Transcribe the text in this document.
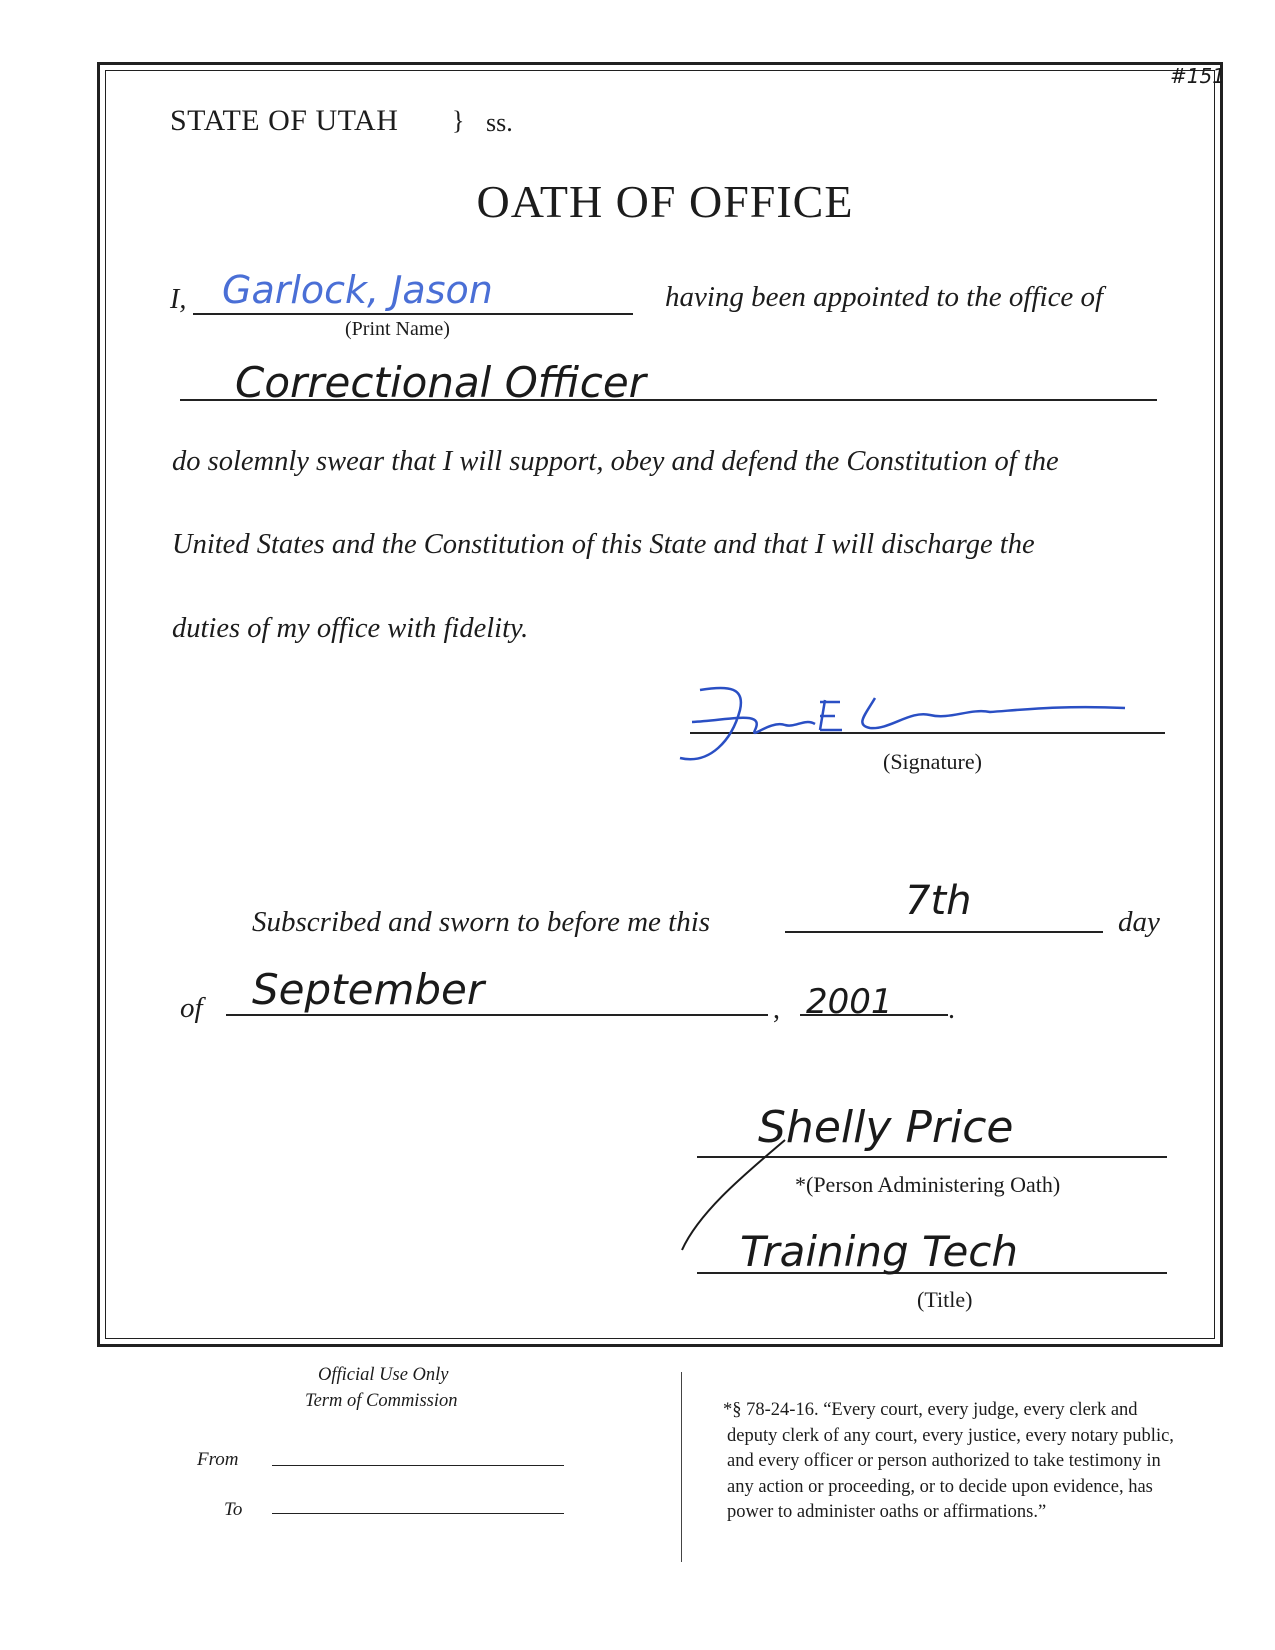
#151
STATE OF UTAH } ss.
OATH OF OFFICE
I, Garlock, Jason
(Print Name)
having been appointed to the office of
Correctional Officer
do solemnly swear that I will support, obey and defend the Constitution of the
United States and the Constitution of this State and that I will discharge the
duties of my office with fidelity.
(Signature)
Subscribed and sworn to before me this	7th	day
of September	, 2001 .
Shelly Price
*(Person Administering Oath)
Training Tech
(Title)
Official Use Only
Term of Commission
From
To
*§ 78-24-16. “Every court, every judge, every clerk and
deputy clerk of any court, every justice, every notary public,
and every officer or person authorized to take testimony in
any action or proceeding, or to decide upon evidence, has
power to administer oaths or affirmations.”
